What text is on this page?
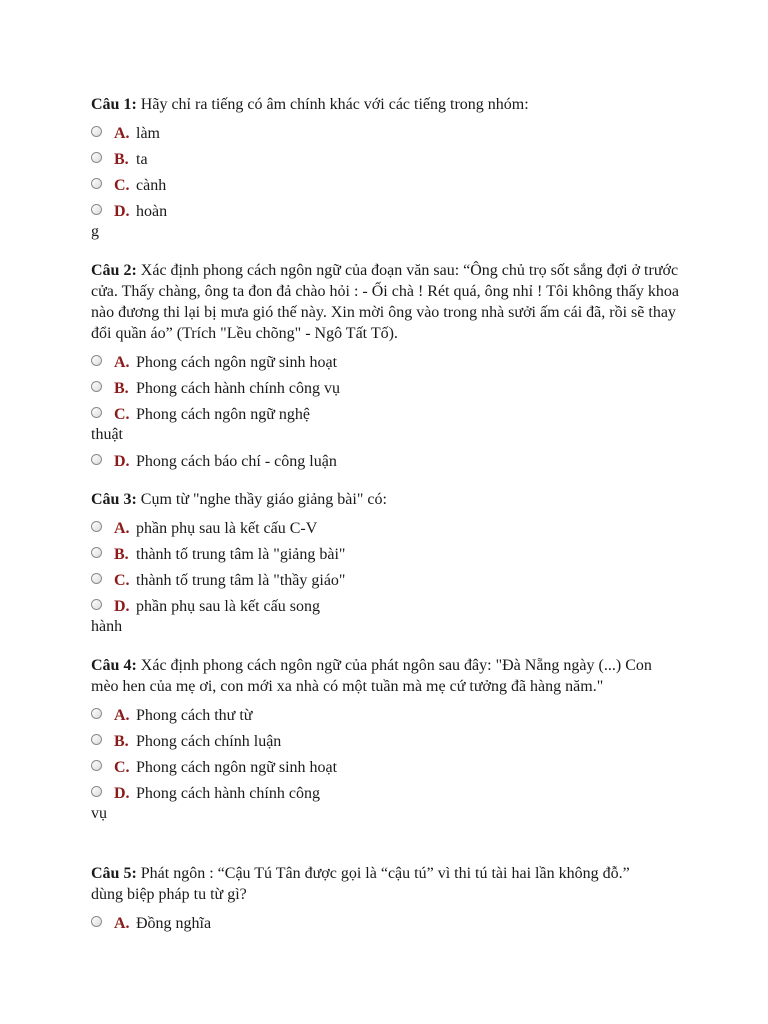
Câu 1: Hãy chỉ ra tiếng có âm chính khác với các tiếng trong nhóm:
A. làm
B. ta
C. cành
D. hoàn
g
Câu 2: Xác định phong cách ngôn ngữ của đoạn văn sau: “Ông chủ trọ sốt sắng đợi ở trước cửa. Thấy chàng, ông ta đon đả chào hỏi : - Ối chà ! Rét quá, ông nhỉ ! Tôi không thấy khoa nào đương thi lại bị mưa gió thế này. Xin mời ông vào trong nhà sưởi ấm cái đã, rồi sẽ thay đổi quần áo” (Trích "Lều chõng" - Ngô Tất Tố).
A. Phong cách ngôn ngữ sinh hoạt
B. Phong cách hành chính công vụ
C. Phong cách ngôn ngữ nghệ
thuật
D. Phong cách báo chí - công luận
Câu 3: Cụm từ "nghe thầy giáo giảng bài" có:
A. phần phụ sau là kết cấu C-V
B. thành tố trung tâm là "giảng bài"
C. thành tố trung tâm là "thầy giáo"
D. phần phụ sau là kết cấu song
hành
Câu 4: Xác định phong cách ngôn ngữ của phát ngôn sau đây: "Đà Nẵng ngày (...) Con mèo hen của mẹ ơi, con mới xa nhà có một tuần mà mẹ cứ tưởng đã hàng năm."
A. Phong cách thư từ
B. Phong cách chính luận
C. Phong cách ngôn ngữ sinh hoạt
D. Phong cách hành chính công
vụ
Câu 5: Phát ngôn : “Cậu Tú Tân được gọi là “cậu tú” vì thi tú tài hai lần không đỗ.” dùng biệp pháp tu từ gì?
A. Đồng nghĩa
